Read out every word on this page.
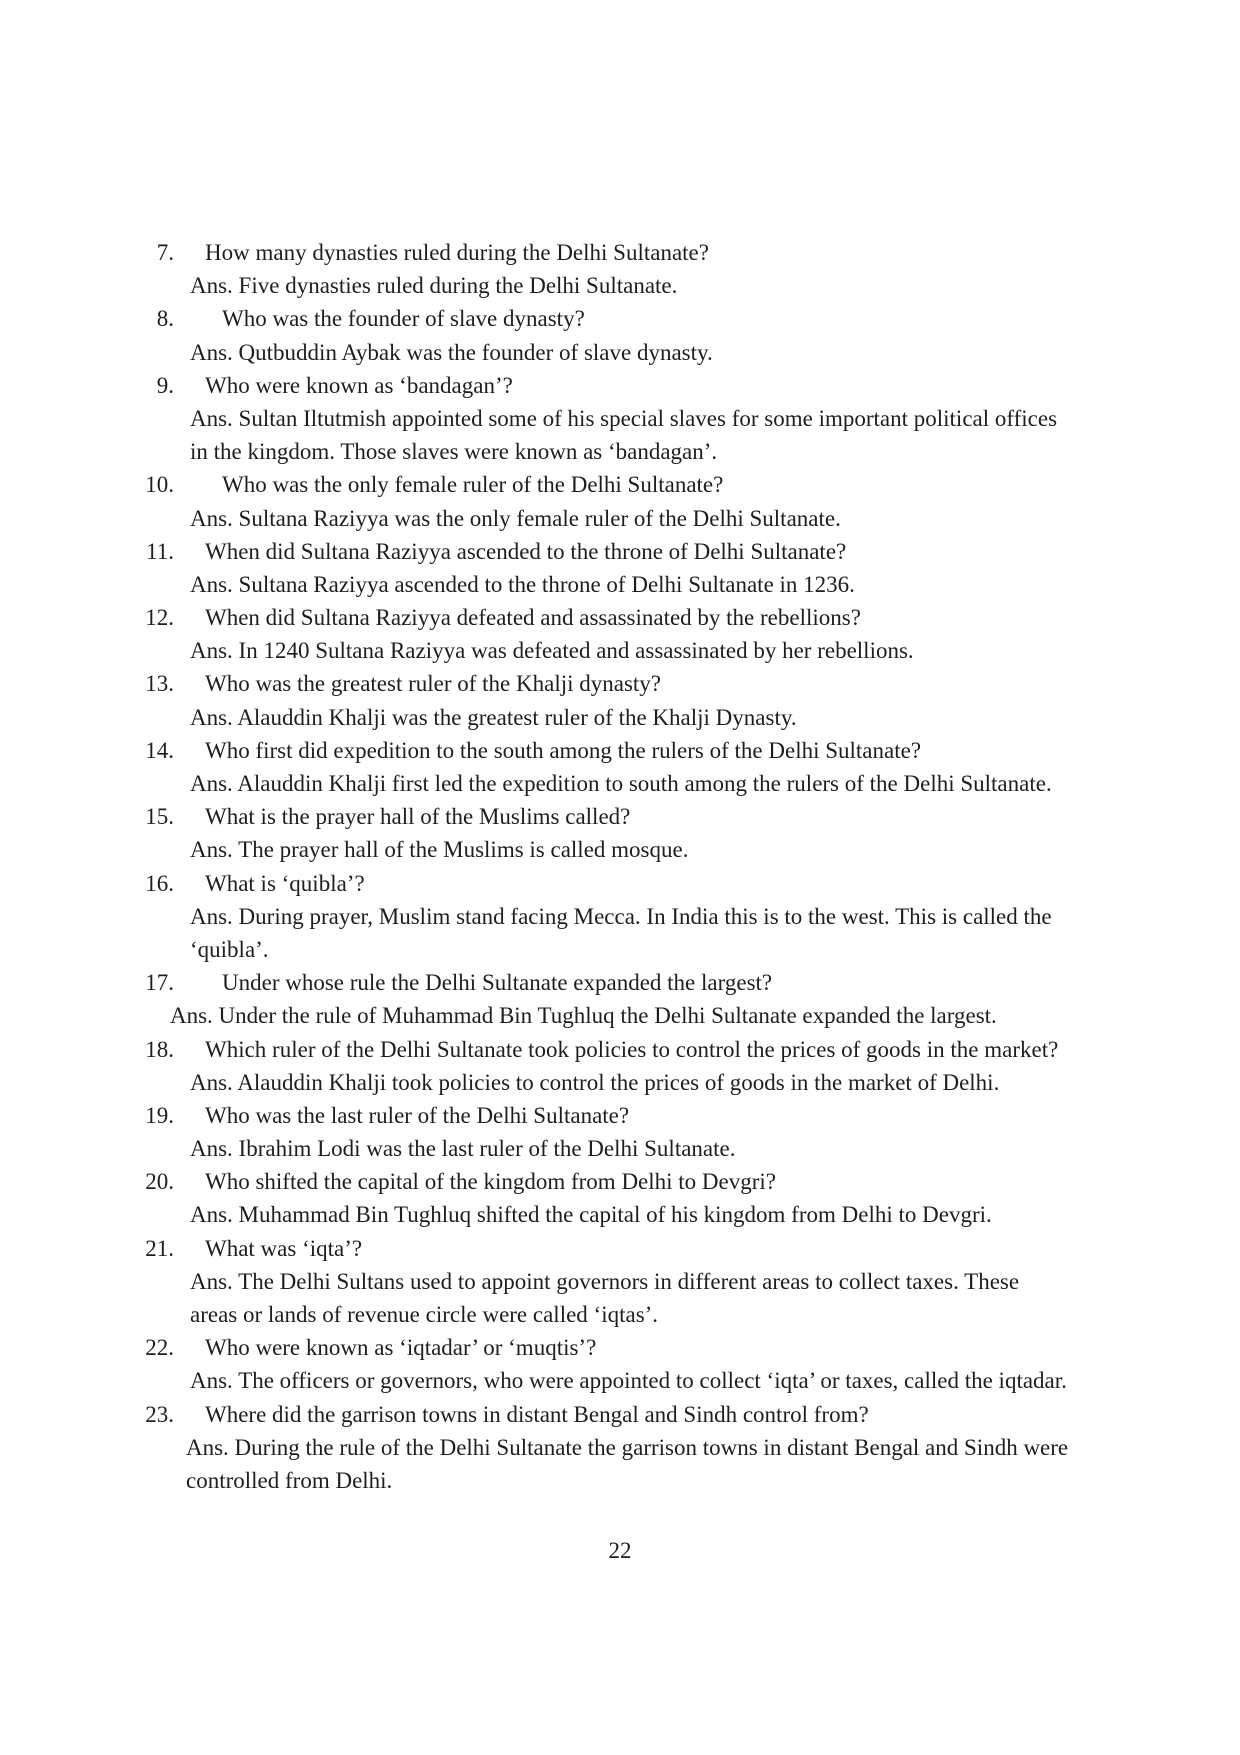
7. How many dynasties ruled during the Delhi Sultanate?
Ans. Five dynasties ruled during the Delhi Sultanate.
8. Who was the founder of slave dynasty?
Ans. Qutbuddin Aybak was the founder of slave dynasty.
9. Who were known as ‘bandagan’?
Ans. Sultan Iltutmish appointed some of his special slaves for some important political offices
in the kingdom. Those slaves were known as ‘bandagan’.
10. Who was the only female ruler of the Delhi Sultanate?
Ans. Sultana Raziyya was the only female ruler of the Delhi Sultanate.
11. When did Sultana Raziyya ascended to the throne of Delhi Sultanate?
Ans. Sultana Raziyya ascended to the throne of Delhi Sultanate in 1236.
12. When did Sultana Raziyya defeated and assassinated by the rebellions?
Ans. In 1240 Sultana Raziyya was defeated and assassinated by her rebellions.
13. Who was the greatest ruler of the Khalji dynasty?
Ans. Alauddin Khalji was the greatest ruler of the Khalji Dynasty.
14. Who first did expedition to the south among the rulers of the Delhi Sultanate?
Ans. Alauddin Khalji first led the expedition to south among the rulers of the Delhi Sultanate.
15. What is the prayer hall of the Muslims called?
Ans. The prayer hall of the Muslims is called mosque.
16. What is ‘quibla’?
Ans. During prayer, Muslim stand facing Mecca. In India this is to the west. This is called the
‘quibla’.
17. Under whose rule the Delhi Sultanate expanded the largest?
Ans. Under the rule of Muhammad Bin Tughluq the Delhi Sultanate expanded the largest.
18. Which ruler of the Delhi Sultanate took policies to control the prices of goods in the market?
Ans. Alauddin Khalji took policies to control the prices of goods in the market of Delhi.
19. Who was the last ruler of the Delhi Sultanate?
Ans. Ibrahim Lodi was the last ruler of the Delhi Sultanate.
20. Who shifted the capital of the kingdom from Delhi to Devgri?
Ans. Muhammad Bin Tughluq shifted the capital of his kingdom from Delhi to Devgri.
21. What was ‘iqta’?
Ans. The Delhi Sultans used to appoint governors in different areas to collect taxes. These
areas or lands of revenue circle were called ‘iqtas’.
22. Who were known as ‘iqtadar’ or ‘muqtis’?
Ans. The officers or governors, who were appointed to collect ‘iqta’ or taxes, called the iqtadar.
23. Where did the garrison towns in distant Bengal and Sindh control from?
Ans. During the rule of the Delhi Sultanate the garrison towns in distant Bengal and Sindh were
controlled from Delhi.
22
